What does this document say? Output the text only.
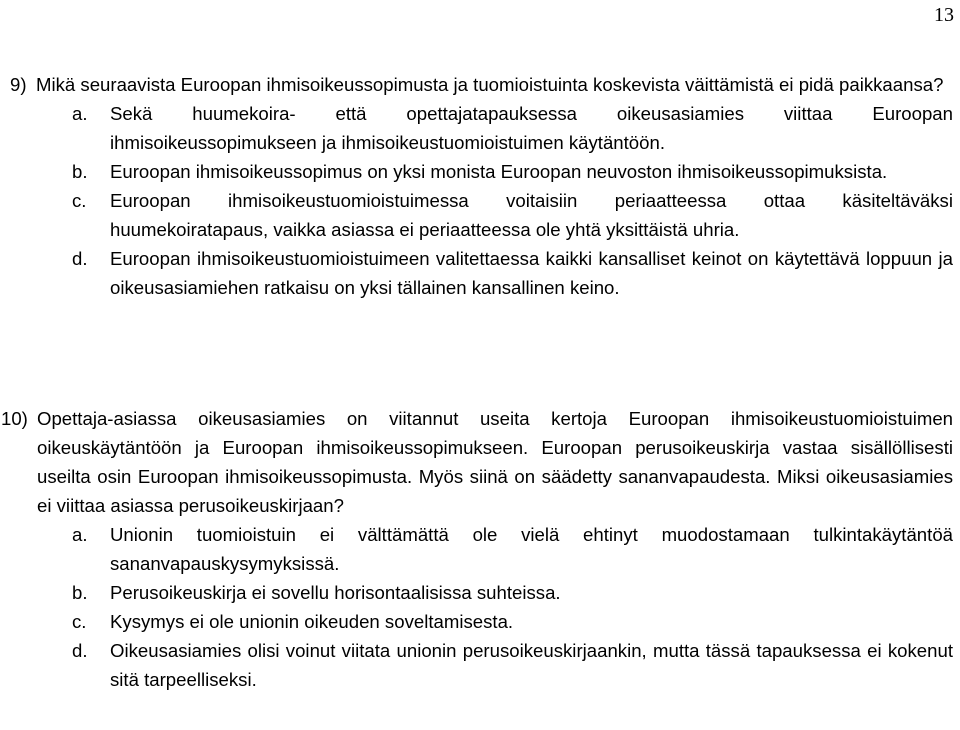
13
9) Mikä seuraavista Euroopan ihmisoikeussopimusta ja tuomioistuinta koskevista väittämistä ei pidä paikkaansa?
a.	Sekä huumekoira- että opettajatapauksessa oikeusasiamies viittaa Euroopan ihmisoikeussopimukseen ja ihmisoikeustuomioistuimen käytäntöön.
b.	Euroopan ihmisoikeussopimus on yksi monista Euroopan neuvoston ihmisoikeussopimuksista.
c.	Euroopan ihmisoikeustuomioistuimessa voitaisiin periaatteessa ottaa käsiteltäväksi huumekoiratapaus, vaikka asiassa ei periaatteessa ole yhtä yksittäistä uhria.
d.	Euroopan ihmisoikeustuomioistuimeen valitettaessa kaikki kansalliset keinot on käytettävä loppuun ja oikeusasiamiehen ratkaisu on yksi tällainen kansallinen keino.
10) Opettaja-asiassa oikeusasiamies on viitannut useita kertoja Euroopan ihmisoikeustuomioistuimen oikeuskäytäntöön ja Euroopan ihmisoikeussopimukseen. Euroopan perusoikeuskirja vastaa sisällöllisesti useilta osin Euroopan ihmisoikeussopimusta. Myös siinä on säädetty sananvapaudesta. Miksi oikeusasiamies ei viittaa asiassa perusoikeuskirjaan?
a.	Unionin tuomioistuin ei välttämättä ole vielä ehtinyt muodostamaan tulkintakäytäntöä sananvapauskysymyksissä.
b.	Perusoikeuskirja ei sovellu horisontaalisissa suhteissa.
c.	Kysymys ei ole unionin oikeuden soveltamisesta.
d.	Oikeusasiamies olisi voinut viitata unionin perusoikeuskirjaankin, mutta tässä tapauksessa ei kokenut sitä tarpeelliseksi.
